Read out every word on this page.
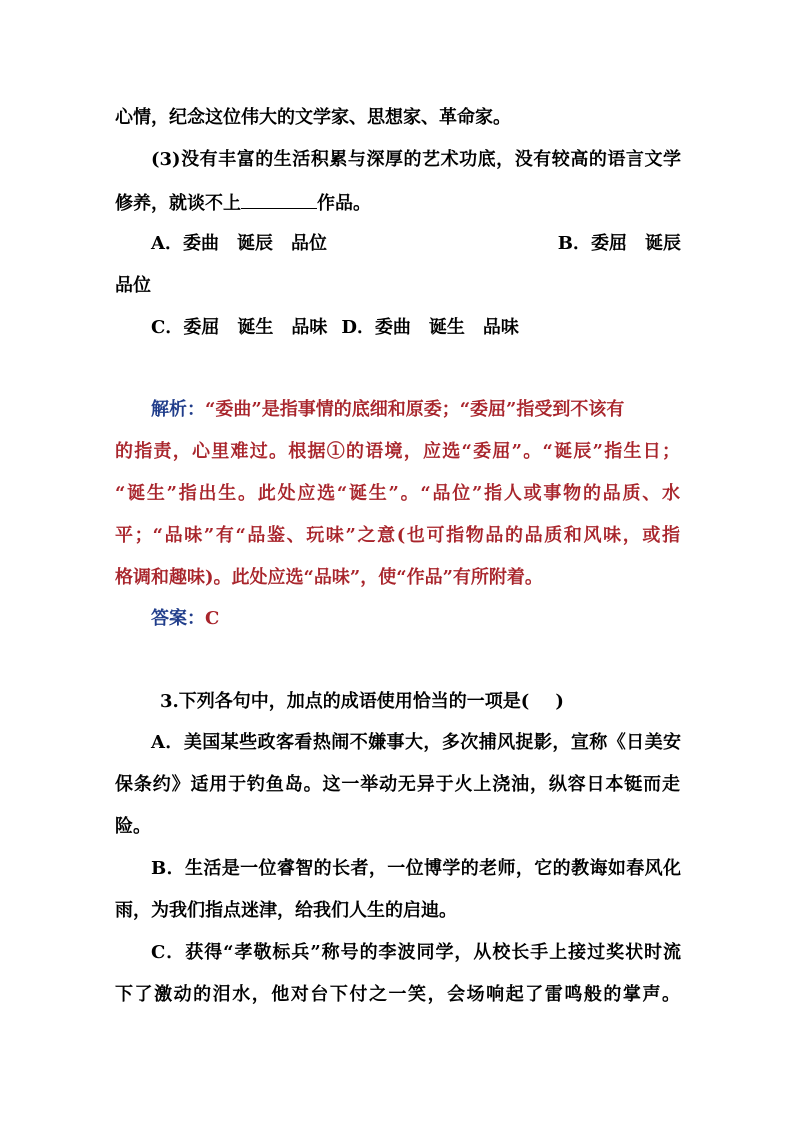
心情，纪念这位伟大的文学家、思想家、革命家。
(3)没有丰富的生活积累与深厚的艺术功底，没有较高的语言文学
修养，就谈不上	作品。
A．委曲　诞辰　品位	B．委屈　诞辰
品位
C．委屈　诞生　品味 D．委曲　诞生　品味
解析：“委曲”是指事情的底细和原委；“委屈”指受到不该有
的指责，心里难过。根据①的语境，应选“委屈”。“诞辰”指生日；
“诞生”指出生。此处应选“诞生”。“品位”指人或事物的品质、水
平；“品味”有“品鉴、玩味”之意(也可指物品的品质和风味，或指
格调和趣味)。此处应选“品味”，使“作品”有所附着。
答案：C
3.下列各句中，加点的成语使用恰当的一项是( )
A．美国某些政客看热闹不嫌事大，多次捕风捉影，宣称《日美安
保条约》适用于钓鱼岛。这一举动无异于火上浇油，纵容日本铤而走
险。
B．生活是一位睿智的长者，一位博学的老师，它的教诲如春风化
雨，为我们指点迷津，给我们人生的启迪。
C．获得“孝敬标兵”称号的李波同学，从校长手上接过奖状时流
下了激动的泪水，他对台下付之一笑，会场响起了雷鸣般的掌声。
